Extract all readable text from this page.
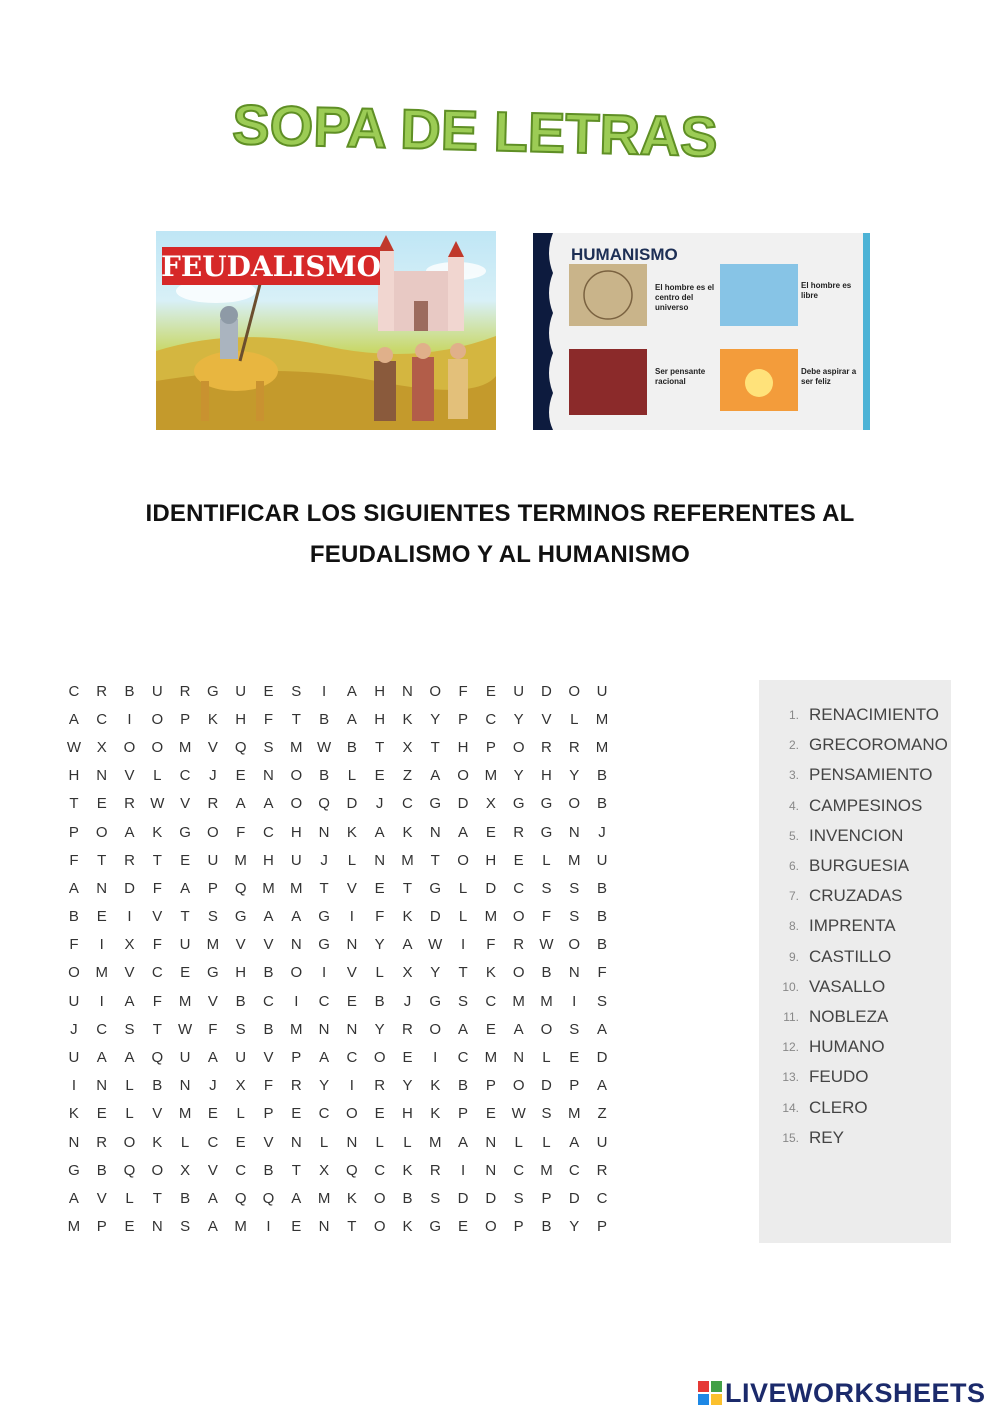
SOPA DE LETRAS
FEUDALISMO	HUMANISMO
El hombre es el centro del universo
El hombre es libre
Ser pensante racional
Debe aspirar a ser feliz
IDENTIFICAR LOS SIGUIENTES TERMINOS REFERENTES AL
FEUDALISMO Y AL HUMANISMO
C	R	B	U	R	G	U	E	S	I	A	H	N	O	F	E	U	D	O	U
A	C	I	O	P	K	H	F	T	B	A	H	K	Y	P	C	Y	V	L	M
W	X	O	O	M	V	Q	S	M W	B	T	X	T	H	P	O	R	R	M
H	N	V	L	C	J	E	N	O	B	L	E	Z	A	O	M	Y	H	Y	B
T	E	R	W	V	R	A	A	O	Q	D	J	C	G	D	X	G	G	O	B
P	O	A	K	G	O	F	C	H	N	K	A	K	N	A	E	R	G	N	J
F	T	R	T	E	U	M	H	U	J	L	N	M	T	O	H	E	L	M	U
A	N	D	F	A	P	Q	M	M	T	V	E	T	G	L	D	C	S	S	B
B	E	I	V	T	S	G	A	A	G	I	F	K	D	L	M	O	F	S	B
F	I	X	F	U	M	V	V	N	G	N	Y	A	W	I	F	R	W O	B
O	M	V	C	E	G	H	B	O	I	V	L	X	Y	T	K	O	B	N	F
U	I	A	F	M	V	B	C	I	C	E	B	J	G	S	C	M	M	I	S
J	C	S	T	W	F	S	B	M	N	N	Y	R	O	A	E	A	O	S	A
U	A	A	Q	U	A	U	V	P	A	C	O	E	I	C	M	N	L	E	D
I	N	L	B	N	J	X	F	R	Y	I	R	Y	K	B	P	O	D	P	A
K	E	L	V	M	E	L	P	E	C	O	E	H	K	P	E	W	S	M	Z
N	R	O	K	L	C	E	V	N	L	N	L	L	M	A	N	L	L	A	U
G	B	Q	O	X	V	C	B	T	X	Q	C	K	R	I	N	C	M	C	R
A	V	L	T	B	A	Q	Q	A	M	K	O	B	S	D	D	S	P	D	C
M	P	E	N	S	A	M	I	E	N	T	O	K	G	E	O	P	B	Y	P
1. RENACIMIENTO
2. GRECOROMANO
3. PENSAMIENTO
4. CAMPESINOS
5. INVENCION
6. BURGUESIA
7. CRUZADAS
8. IMPRENTA
9. CASTILLO
10. VASALLO
11. NOBLEZA
12. HUMANO
13. FEUDO
14. CLERO
15. REY
LIVEWORKSHEETS
